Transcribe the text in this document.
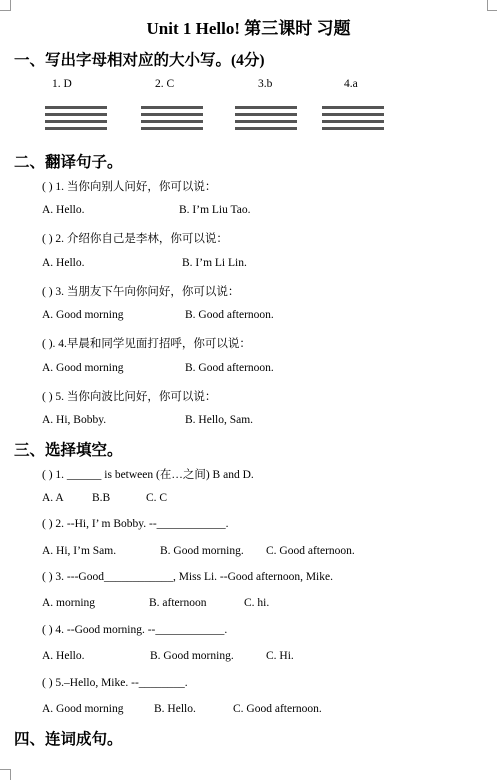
Unit 1 Hello! 第三课时 习题
一、写出字母相对应的大小写。(4分)
1. D	2. C	3.b	4.a
二、翻译句子。
( ) 1. 当你向别人问好，你可以说：
A. Hello.	B. I’m Liu Tao.
( ) 2. 介绍你自己是李林，你可以说：
A. Hello.	B. I’m Li Lin.
( ) 3. 当朋友下午向你问好，你可以说：
A. Good morning	B. Good afternoon.
( ). 4.早晨和同学见面打招呼，你可以说：
A. Good morning	B. Good afternoon.
( ) 5. 当你向波比问好，你可以说：
A. Hi, Bobby.	B. Hello, Sam.
三、选择填空。
( ) 1. ______ is between (在…之间) B and D.
A. A B.B	C. C
( ) 2. --Hi, I’ m Bobby. --____________.
A. Hi, I’m Sam.	B. Good morning. C. Good afternoon.
( ) 3. ---Good____________, Miss Li. --Good afternoon, Mike.
A. morning	B. afternoon	C. hi.
( ) 4. --Good morning. --____________.
A. Hello.	B. Good morning.	C. Hi.
( ) 5.–Hello, Mike. --________.
A. Good morning	B. Hello.	C. Good afternoon.
四、连词成句。
